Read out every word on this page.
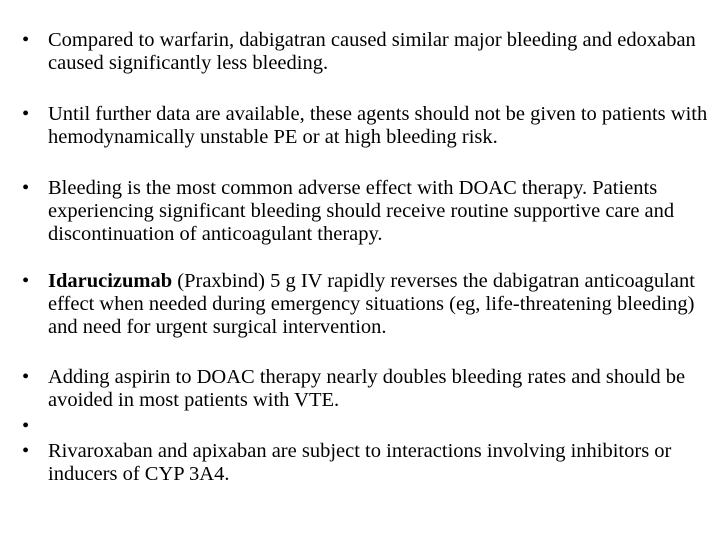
• Compared to warfarin, dabigatran caused similar major bleeding and edoxaban caused significantly less bleeding.
• Until further data are available, these agents should not be given to patients with hemodynamically unstable PE or at high bleeding risk.
• Bleeding is the most common adverse effect with DOAC therapy. Patients experiencing significant bleeding should receive routine supportive care and discontinuation of anticoagulant therapy.
• Idarucizumab (Praxbind) 5 g IV rapidly reverses the dabigatran anticoagulant effect when needed during emergency situations (eg, life-threatening bleeding) and need for urgent surgical intervention.
• Adding aspirin to DOAC therapy nearly doubles bleeding rates and should be avoided in most patients with VTE.
•
• Rivaroxaban and apixaban are subject to interactions involving inhibitors or inducers of CYP 3A4.
